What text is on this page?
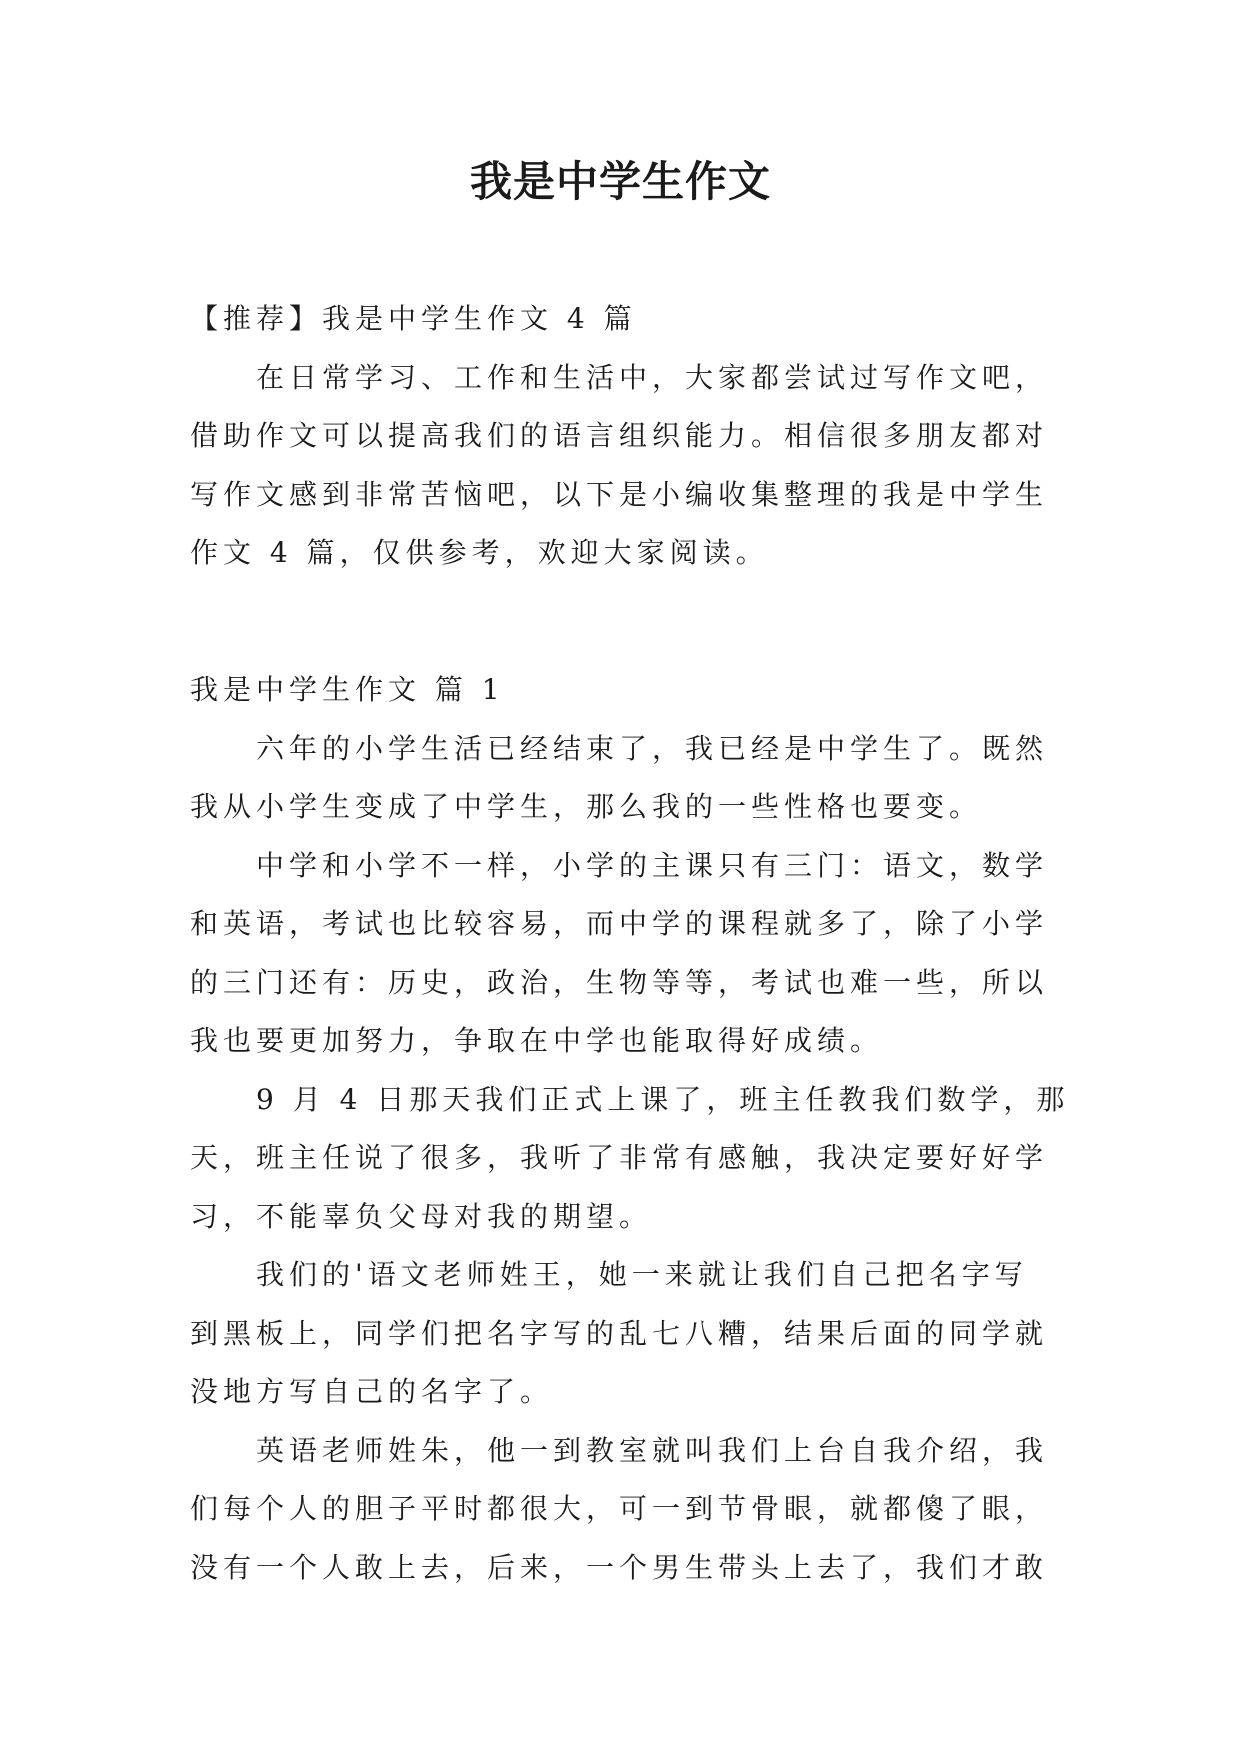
我是中学生作文
【推荐】我是中学生作文 4 篇
在日常学习、工作和生活中，大家都尝试过写作文吧，
借助作文可以提高我们的语言组织能力。相信很多朋友都对
写作文感到非常苦恼吧，以下是小编收集整理的我是中学生
作文 4 篇，仅供参考，欢迎大家阅读。
我是中学生作文 篇 1
六年的小学生活已经结束了，我已经是中学生了。既然
我从小学生变成了中学生，那么我的一些性格也要变。
中学和小学不一样，小学的主课只有三门：语文，数学
和英语，考试也比较容易，而中学的课程就多了，除了小学
的三门还有：历史，政治，生物等等，考试也难一些，所以
我也要更加努力，争取在中学也能取得好成绩。
9 月 4 日那天我们正式上课了，班主任教我们数学，那
天，班主任说了很多，我听了非常有感触，我决定要好好学
习，不能辜负父母对我的期望。
我们的'语文老师姓王，她一来就让我们自己把名字写
到黑板上，同学们把名字写的乱七八糟，结果后面的同学就
没地方写自己的名字了。
英语老师姓朱，他一到教室就叫我们上台自我介绍，我
们每个人的胆子平时都很大，可一到节骨眼，就都傻了眼，
没有一个人敢上去，后来，一个男生带头上去了，我们才敢
